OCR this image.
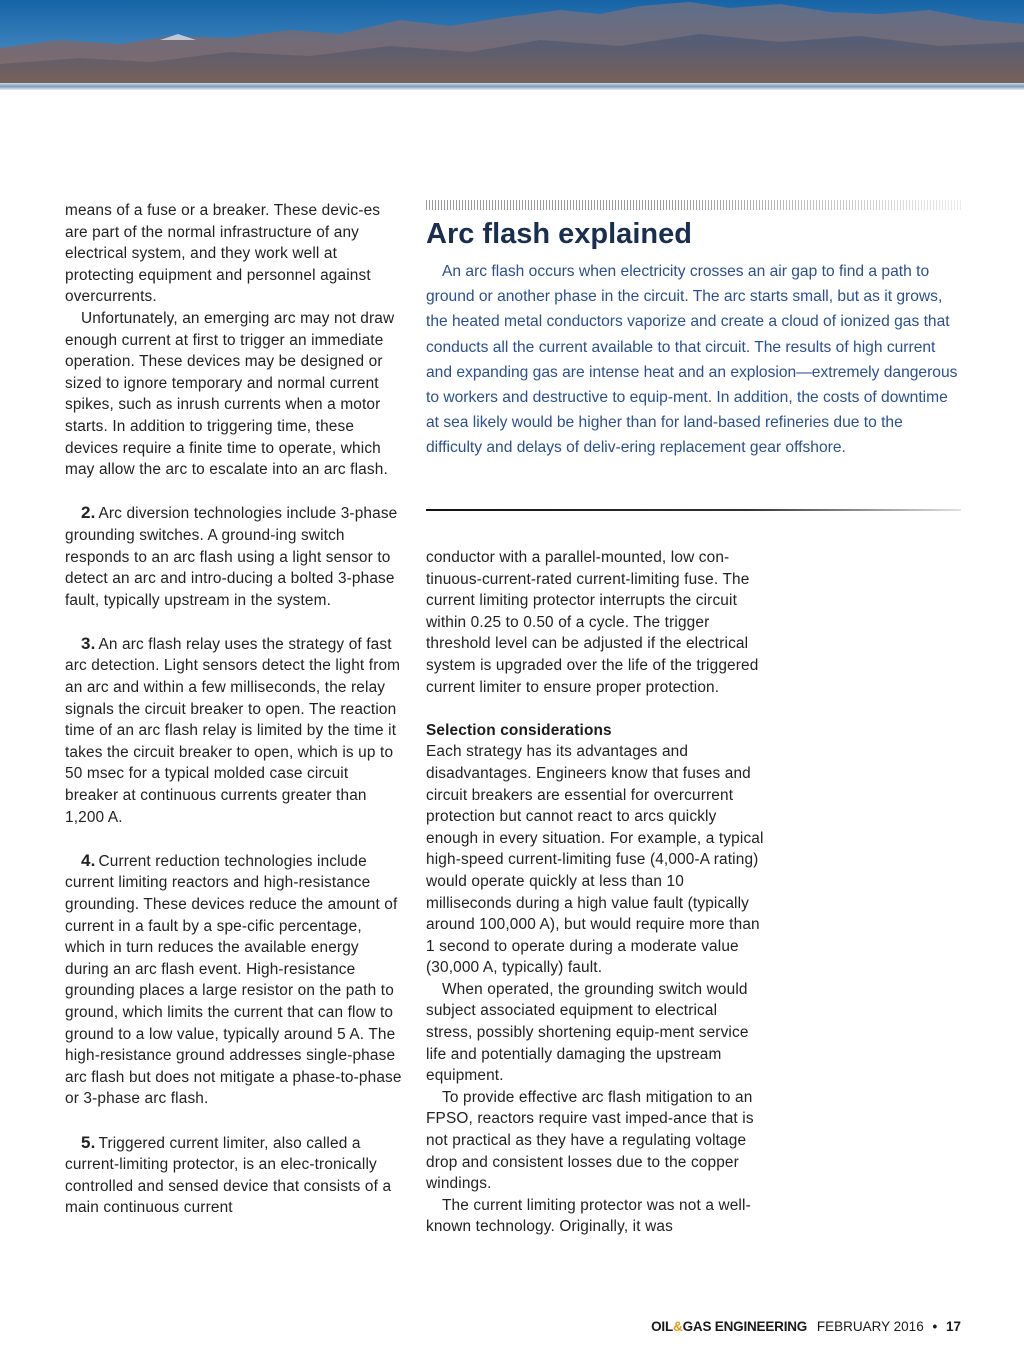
means of a fuse or a breaker. These devic-es are part of the normal infrastructure of any electrical system, and they work well at protecting equipment and personnel against overcurrents.

Unfortunately, an emerging arc may not draw enough current at first to trigger an immediate operation. These devices may be designed or sized to ignore temporary and normal current spikes, such as inrush currents when a motor starts. In addition to triggering time, these devices require a finite time to operate, which may allow the arc to escalate into an arc flash.

2. Arc diversion technologies include 3-phase grounding switches. A ground-ing switch responds to an arc flash using a light sensor to detect an arc and intro-ducing a bolted 3-phase fault, typically upstream in the system.

3. An arc flash relay uses the strategy of fast arc detection. Light sensors detect the light from an arc and within a few milliseconds, the relay signals the circuit breaker to open. The reaction time of an arc flash relay is limited by the time it takes the circuit breaker to open, which is up to 50 msec for a typical molded case circuit breaker at continuous currents greater than 1,200 A.

4. Current reduction technologies include current limiting reactors and high-resistance grounding. These devices reduce the amount of current in a fault by a spe-cific percentage, which in turn reduces the available energy during an arc flash event. High-resistance grounding places a large resistor on the path to ground, which limits the current that can flow to ground to a low value, typically around 5 A. The high-resistance ground addresses single-phase arc flash but does not mitigate a phase-to-phase or 3-phase arc flash.

5. Triggered current limiter, also called a current-limiting protector, is an elec-tronically controlled and sensed device that consists of a main continuous current

Arc flash explained

An arc flash occurs when electricity crosses an air gap to find a path to ground or another phase in the circuit. The arc starts small, but as it grows, the heated metal conductors vaporize and create a cloud of ionized gas that conducts all the current available to that circuit. The results of high current and expanding gas are intense heat and an explosion—extremely dangerous to workers and destructive to equip-ment. In addition, the costs of downtime at sea likely would be higher than for land-based refineries due to the difficulty and delays of deliv-ering replacement gear offshore.

conductor with a parallel-mounted, low con-tinuous-current-rated current-limiting fuse. The current limiting protector interrupts the circuit within 0.25 to 0.50 of a cycle. The trigger threshold level can be adjusted if the electrical system is upgraded over the life of the triggered current limiter to ensure proper protection.

Selection considerations

Each strategy has its advantages and disadvantages. Engineers know that fuses and circuit breakers are essential for overcurrent protection but cannot react to arcs quickly enough in every situation. For example, a typical high-speed current-limiting fuse (4,000-A rating) would operate quickly at less than 10 milliseconds during a high value fault (typically around 100,000 A), but would require more than 1 second to operate during a moderate value (30,000 A, typically) fault.

When operated, the grounding switch would subject associated equipment to electrical stress, possibly shortening equip-ment service life and potentially damaging the upstream equipment.

To provide effective arc flash mitigation to an FPSO, reactors require vast imped-ance that is not practical as they have a regulating voltage drop and consistent losses due to the copper windings.

The current limiting protector was not a well-known technology. Originally, it was

OIL&GAS ENGINEERING FEBRUARY 2016 • 17
